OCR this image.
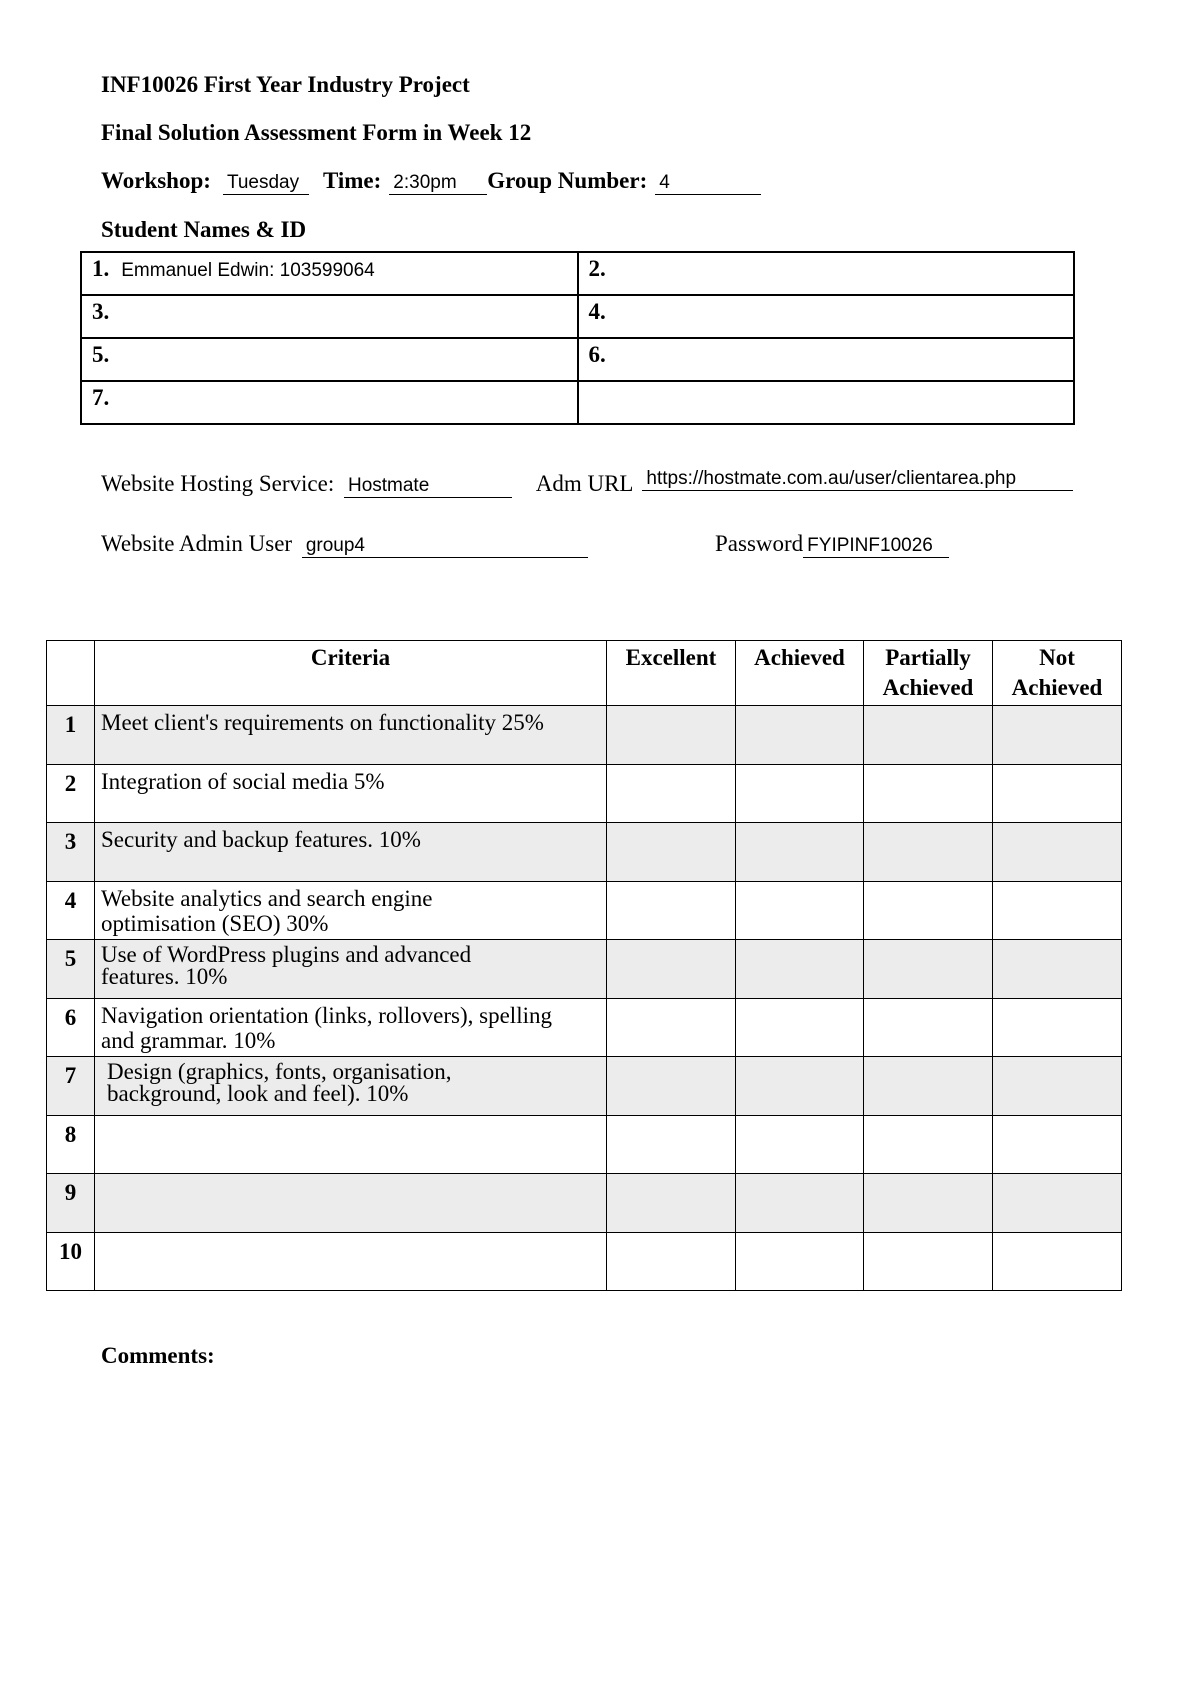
INF10026 First Year Industry Project
Final Solution Assessment Form in Week 12
Workshop: Tuesday Time: 2:30pm Group Number: 4
Student Names & ID
1. Emmanuel Edwin: 103599064	2.
3.	4.
5.	6.
7.	
Website Hosting Service: Hostmate	Adm URL https://hostmate.com.au/user/clientarea.php
Website Admin User group4	Password FYIPINF10026
	Criteria	Excellent	Achieved	Partially Achieved	Not Achieved
1	Meet client's requirements on functionality 25%				
2	Integration of social media 5%				
3	Security and backup features. 10%				
4	Website analytics and search engine optimisation (SEO) 30%				
5	Use of WordPress plugins and advanced features. 10%				
6	Navigation orientation (links, rollovers), spelling and grammar. 10%				
7	Design (graphics, fonts, organisation, background, look and feel). 10%				
8					
9					
10					
Comments:
